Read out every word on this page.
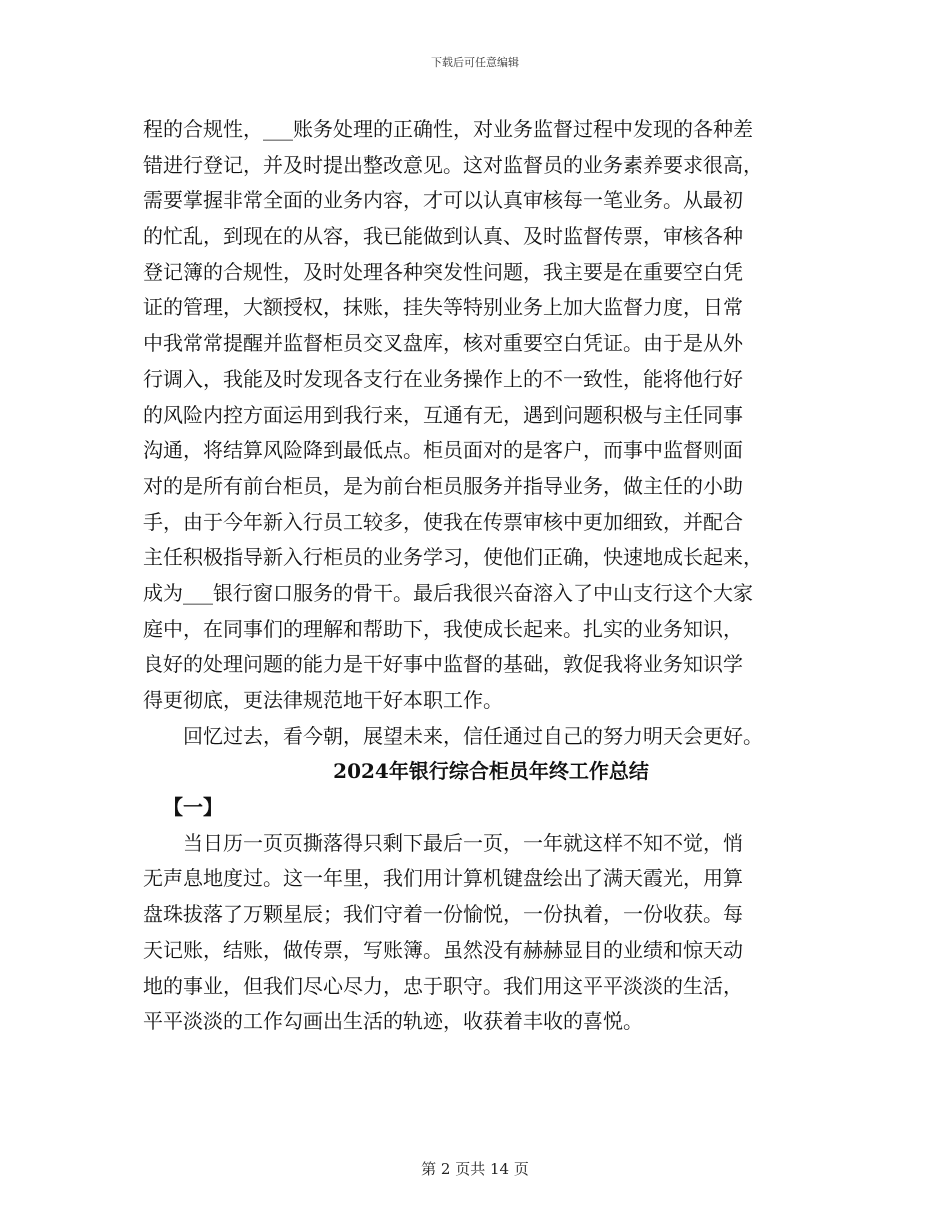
下载后可任意编辑
程的合规性，___账务处理的正确性，对业务监督过程中发现的各种差
错进行登记，并及时提出整改意见。这对监督员的业务素养要求很高，
需要掌握非常全面的业务内容，才可以认真审核每一笔业务。从最初
的忙乱，到现在的从容，我已能做到认真、及时监督传票，审核各种
登记簿的合规性，及时处理各种突发性问题，我主要是在重要空白凭
证的管理，大额授权，抹账，挂失等特别业务上加大监督力度，日常
中我常常提醒并监督柜员交叉盘库，核对重要空白凭证。由于是从外
行调入，我能及时发现各支行在业务操作上的不一致性，能将他行好
的风险内控方面运用到我行来，互通有无，遇到问题积极与主任同事
沟通，将结算风险降到最低点。柜员面对的是客户，而事中监督则面
对的是所有前台柜员，是为前台柜员服务并指导业务，做主任的小助
手，由于今年新入行员工较多，使我在传票审核中更加细致，并配合
主任积极指导新入行柜员的业务学习，使他们正确，快速地成长起来，
成为___银行窗口服务的骨干。最后我很兴奋溶入了中山支行这个大家
庭中，在同事们的理解和帮助下，我使成长起来。扎实的业务知识，
良好的处理问题的能力是干好事中监督的基础，敦促我将业务知识学
得更彻底，更法律规范地干好本职工作。
回忆过去，看今朝，展望未来，信任通过自己的努力明天会更好。
2024年银行综合柜员年终工作总结
【一】
当日历一页页撕落得只剩下最后一页，一年就这样不知不觉，悄
无声息地度过。这一年里，我们用计算机键盘绘出了满天霞光，用算
盘珠拔落了万颗星辰；我们守着一份愉悦，一份执着，一份收获。每
天记账，结账，做传票，写账簿。虽然没有赫赫显目的业绩和惊天动
地的事业，但我们尽心尽力，忠于职守。我们用这平平淡淡的生活，
平平淡淡的工作勾画出生活的轨迹，收获着丰收的喜悦。
第 2 页共 14 页
